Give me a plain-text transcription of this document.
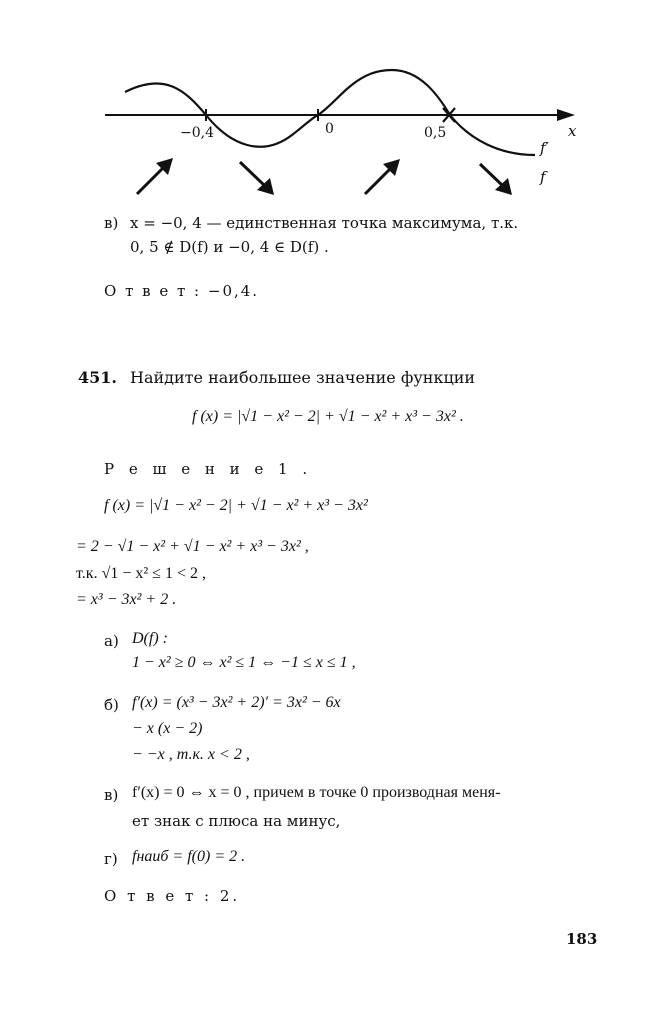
−0,4	0	0,5	x
f′
f
в) x = −0, 4 — единственная точка максимума, т.к.
0, 5 ∉ D(f) и −0, 4 ∈ D(f) .
О т в е т : −0,4.
451. Найдите наибольшее значение функции
f (x) = |√1 − x² − 2| + √1 − x² + x³ − 3x² .
Р е ш е н и е 1 .
f (x) = |√1 − x² − 2| + √1 − x² + x³ − 3x²
= 2 − √1 − x² + √1 − x² + x³ − 3x² ,
т.к. √1 − x² ≤ 1 < 2 ,
= x³ − 3x² + 2 .
а) D(f) :
1 − x² ≥ 0 ⇔ x² ≤ 1 ⇔ −1 ≤ x ≤ 1 ,
б) f′(x) = (x³ − 3x² + 2)′ = 3x² − 6x
− x (x − 2)
− −x , т.к. x < 2 ,
в) f′(x) = 0 ⇔ x = 0 , причем в точке 0 производная меня-
ет знак с плюса на минус,
г) fнаиб = f(0) = 2 .
О т в е т : 2.
183
